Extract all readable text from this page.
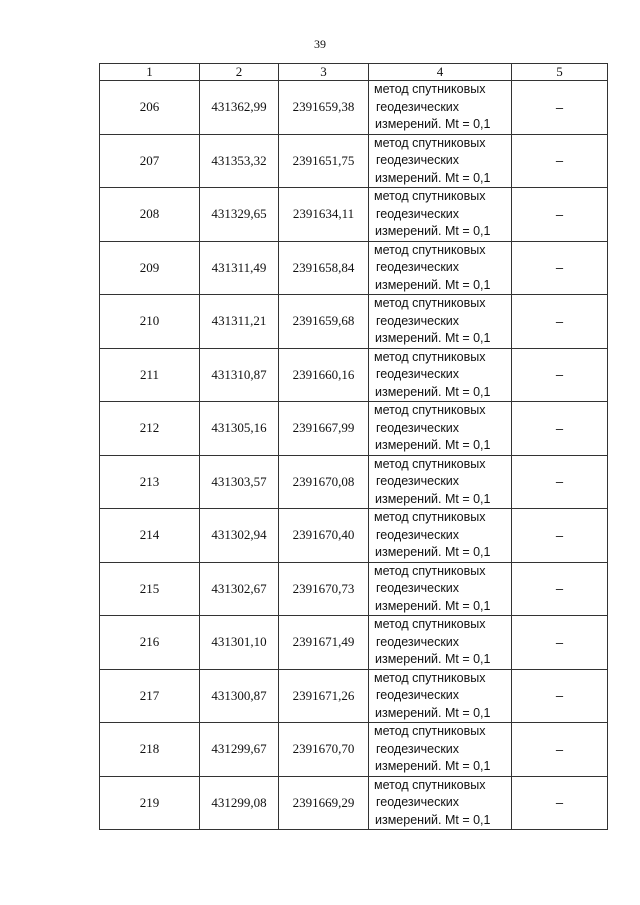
39
1	2	3	4	5
206	431362,99	2391659,38	метод спутниковых
геодезических
измерений. Mt = 0,1	–
207	431353,32	2391651,75	метод спутниковых
геодезических
измерений. Mt = 0,1	–
208	431329,65	2391634,11	метод спутниковых
геодезических
измерений. Mt = 0,1	–
209	431311,49	2391658,84	метод спутниковых
геодезических
измерений. Mt = 0,1	–
210	431311,21	2391659,68	метод спутниковых
геодезических
измерений. Mt = 0,1	–
211	431310,87	2391660,16	метод спутниковых
геодезических
измерений. Mt = 0,1	–
212	431305,16	2391667,99	метод спутниковых
геодезических
измерений. Mt = 0,1	–
213	431303,57	2391670,08	метод спутниковых
геодезических
измерений. Mt = 0,1	–
214	431302,94	2391670,40	метод спутниковых
геодезических
измерений. Mt = 0,1	–
215	431302,67	2391670,73	метод спутниковых
геодезических
измерений. Mt = 0,1	–
216	431301,10	2391671,49	метод спутниковых
геодезических
измерений. Mt = 0,1	–
217	431300,87	2391671,26	метод спутниковых
геодезических
измерений. Mt = 0,1	–
218	431299,67	2391670,70	метод спутниковых
геодезических
измерений. Mt = 0,1	–
219	431299,08	2391669,29	метод спутниковых
геодезических
измерений. Mt = 0,1	–
